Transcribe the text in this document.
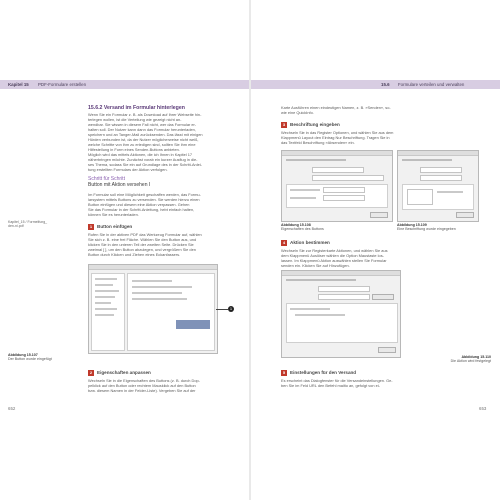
Kapitel 15 PDF-Formulare erstellen
15.6.2 Versand im Formular hinterlegen

Wenn Sie ein Formular z. B. als Download auf Ihrer Webseite hin-

terlegen wollen, ist die Verteilung wie gezeigt nicht an-

wendbar. Sie wissen in diesem Fall nicht, wer das Formular er-

halten soll. Der Nutzer kann dann das Formular herunterladen,

speichern und an Tanger-Mail zurücksenden. Das lässt mit einigen

Hürden verbunden ist, da der Nutzer möglicherweise nicht weiß,

welche Schritte von ihm zu erledigen sind, sollten Sie ihm eine

Hilfestellung in Form eines Senden-Buttons anbieten.

Möglich wird das mittels Aktionen, die ich Ihnen in Kapitel 17

näherbringen möchte. Zunächst vorab ein kurzer Ausflug in die-

ses Thema, sodass Sie ein auf Grundlage des in der Schritt-Anlei-

tung erstellten Formulars der Aktion verfolgen.

Schritt für Schritt
Button mit Aktion versehen I
Kapitel_15 / Formelfung_
den-ni.pdf

Im Formular soll eine Möglichkeit geschaffen werden, das Formu-

larsystem mittels Buttons zu versenden. Sie werden hierzu einen

Button einfügen und diesem eine Aktion verpassen. Gehen

Sie das Formular in der Schritt-Anleitung, hebt einfach halten,

können Sie es herunterladen.

1 Button einfügen

Rufen Sie in der aktiven PDF das Werkzeug Formular auf, wählen

Sie sich z. B. eine frei Fläche. Wählen Sie den Button aus, und

klicken Sie in den unteren Teil der zweiten Seite. Drücken Sie

zweimal [ ], um den Button abzulegen, und vergrößern Sie den

Button durch Klicken und Ziehen eines Eckanfassers.

1
Abbildung 15.107
Der Button wurde eingefügt
2 Eigenschaften anpassen

Wechseln Sie in die Eigenschaften des Buttons (z. B. durch Dop-

pelklick auf den Button oder rechtem Mausklick auf den Button

bzw. diesem Namen in der Felder-Liste). Vergeben Sie auf der

652
15.6 Formulare verteilen und verwalten

Karte Ausführen einen eindeutigen Namen, z. B. »Senden«, so-

wie eine QuickInfo.

3 Beschriftung eingeben

Wechseln Sie in das Register Optionen, und wählen Sie aus dem

Klappmenü Layout den Eintrag Nur Beschriftung. Tragen Sie in

das Textfeld Beschriftung »Absenden« ein.

Abbildung 15.108
Eigenschaften des Buttons
Abbildung 15.109
Eine Beschriftung wurde eingegeben
4 Aktion bestimmen

Wechseln Sie zur Registerkarte Aktionen, und wählen Sie aus

dem Klappmenü Auslöser wählen die Option Maustaste los-

lassen. Im Klappmenü Aktion auswählen stellen Sie Formular

senden ein. Klicken Sie auf Hinzufügen.

Abbildung 15.110
Die Aktion wird festgelegt
5 Einstellungen für den Versand

Es erscheint das Dialogfenster für die Versandeinstellungen. Ge-

ben Sie im Feld URL den Befehl mailto an, gefolgt von ei-

653
